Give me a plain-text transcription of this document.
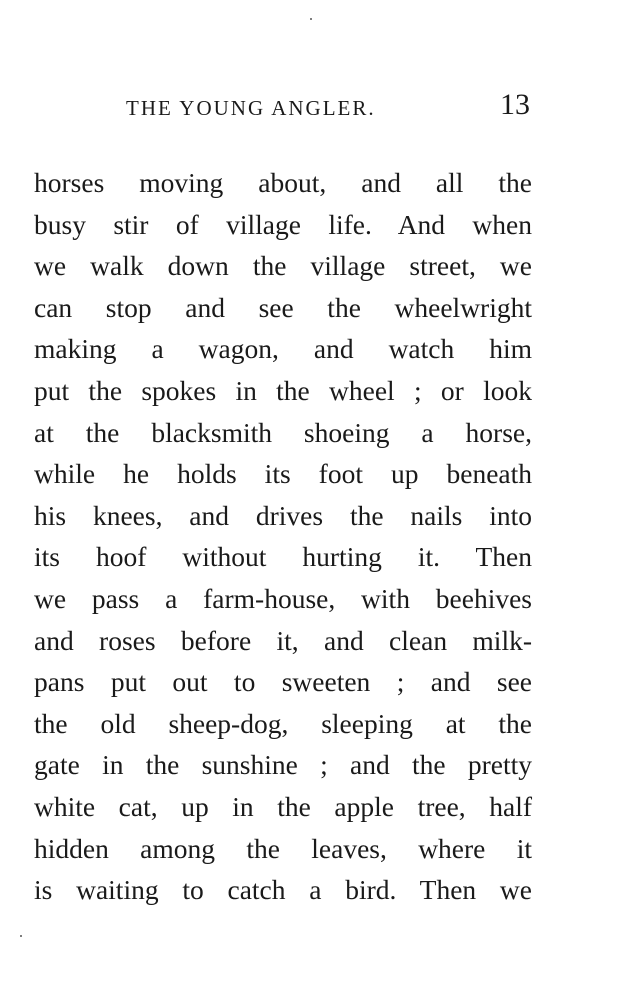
THE YOUNG ANGLER.	13
horses moving about, and all the
busy stir of village life. And when
we walk down the village street, we
can stop and see the wheelwright
making a wagon, and watch him
put the spokes in the wheel ; or look
at the blacksmith shoeing a horse,
while he holds its foot up beneath
his knees, and drives the nails into
its hoof without hurting it. Then
we pass a farm-house, with beehives
and roses before it, and clean milk-
pans put out to sweeten ; and see
the old sheep-dog, sleeping at the
gate in the sunshine ; and the pretty
white cat, up in the apple tree, half
hidden among the leaves, where it
is waiting to catch a bird. Then we
